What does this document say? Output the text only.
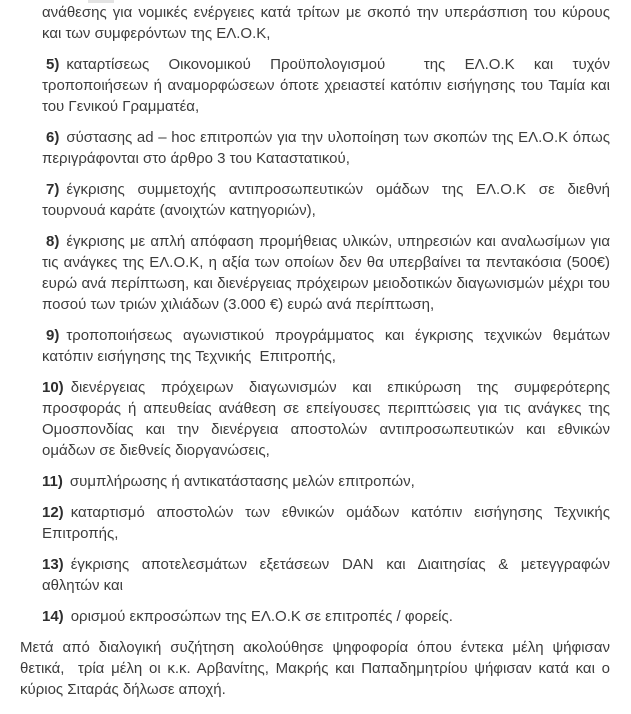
ανάθεσης για νομικές ενέργειες κατά τρίτων με σκοπό την υπεράσπιση του κύρους και των συμφερόντων της ΕΛ.Ο.Κ,

5) καταρτίσεως Οικονομικού Προϋπολογισμού  της ΕΛ.Ο.Κ και τυχόν τροποποιήσεων ή αναμορφώσεων όποτε χρειαστεί κατόπιν εισήγησης του Ταμία και του Γενικού Γραμματέα,

6) σύστασης ad – hoc επιτροπών για την υλοποίηση των σκοπών της ΕΛ.Ο.Κ όπως περιγράφονται στο άρθρο 3 του Καταστατικού,

7) έγκρισης συμμετοχής αντιπροσωπευτικών ομάδων της ΕΛ.Ο.Κ σε διεθνή τουρνουά καράτε (ανοιχτών κατηγοριών),

8) έγκρισης με απλή απόφαση προμήθειας υλικών, υπηρεσιών και αναλωσίμων για τις ανάγκες της ΕΛ.Ο.Κ, η αξία των οποίων δεν θα υπερβαίνει τα πεντακόσια (500€) ευρώ ανά περίπτωση, και διενέργειας πρόχειρων μειοδοτικών διαγωνισμών μέχρι του ποσού των τριών χιλιάδων (3.000 €) ευρώ ανά περίπτωση,

9) τροποποιήσεως αγωνιστικού προγράμματος και έγκρισης τεχνικών θεμάτων κατόπιν εισήγησης της Τεχνικής  Επιτροπής,

10) διενέργειας πρόχειρων διαγωνισμών και επικύρωση της συμφερότερης προσφοράς ή απευθείας ανάθεση σε επείγουσες περιπτώσεις για τις ανάγκες της Ομοσπονδίας και την διενέργεια αποστολών αντιπροσωπευτικών και εθνικών ομάδων σε διεθνείς διοργανώσεις,

11) συμπλήρωσης ή αντικατάστασης μελών επιτροπών,

12) καταρτισμό αποστολών των εθνικών ομάδων κατόπιν εισήγησης Τεχνικής Επιτροπής,

13) έγκρισης αποτελεσμάτων εξετάσεων DAN και Διαιτησίας & μετεγγραφών αθλητών και

14) ορισμού εκπροσώπων της ΕΛ.Ο.Κ σε επιτροπές / φορείς.

Μετά από διαλογική συζήτηση ακολούθησε ψηφοφορία όπου έντεκα μέλη ψήφισαν θετικά,  τρία μέλη οι κ.κ. Αρβανίτης, Μακρής και Παπαδημητρίου ψήφισαν κατά και ο κύριος Σιταράς δήλωσε αποχή.
